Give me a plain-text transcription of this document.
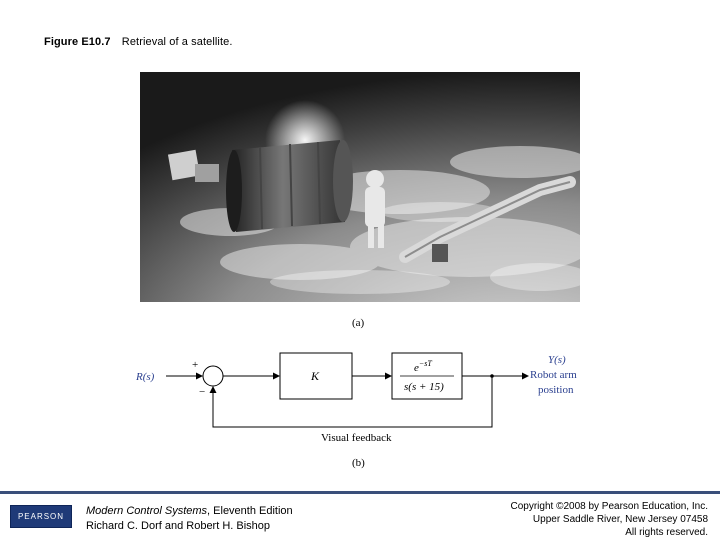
Figure E10.7 Retrieval of a satellite.
(a)
R(s)
+
−
K
$e^{-sT}$
s(s + 15)
Y(s)
Robot arm
position
Visual feedback
(b)
PEARSON	Modern Control Systems, Eleventh Edition
Richard C. Dorf and Robert H. Bishop
Copyright ©2008 by Pearson Education, Inc.
Upper Saddle River, New Jersey 07458
All rights reserved.
